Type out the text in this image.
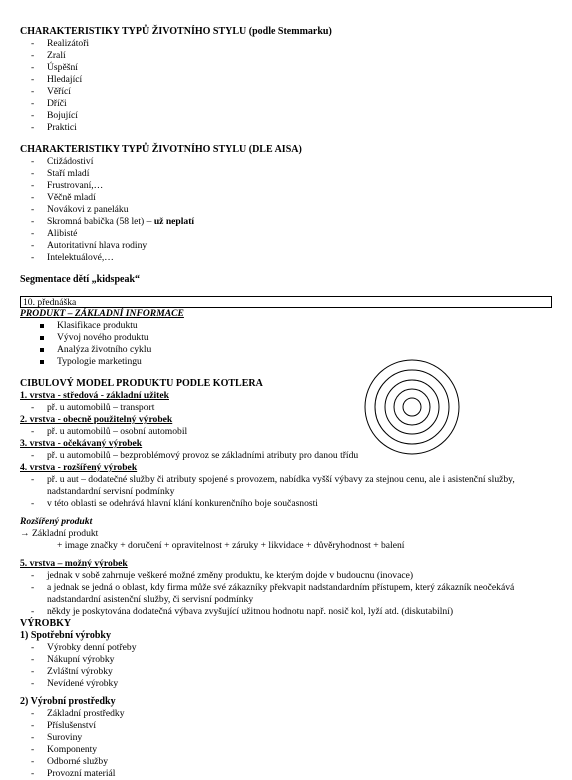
CHARAKTERISTIKY TYPŮ ŽIVOTNÍHO STYLU (podle Stemmarku)

- Realizátoři
- Zralí
- Úspěšní
- Hledající
- Věřící
- Dříči
- Bojující
- Praktici

CHARAKTERISTIKY TYPŮ ŽIVOTNÍHO STYLU (DLE AISA)

- Ctižádostiví
- Staří mladí
- Frustrovaní,…
- Věčně mladí
- Novákovi z paneláku
- Skromná babička (58 let) – už neplatí
- Alibisté
- Autoritativní hlava rodiny
- Intelektuálové,…

Segmentace dětí „kidspeak“

10. přednáška
PRODUKT – ZÁKLADNÍ INFORMACE
Klasifikace produktu
Vývoj nového produktu
Analýza životního cyklu
Typologie marketingu

CIBULOVÝ MODEL PRODUKTU PODLE KOTLERA

1. vrstva - středová - základní užitek
- př. u automobilů – transport
2. vrstva - obecně použitelný výrobek
- př. u automobilů – osobní automobil
3. vrstva - očekávaný výrobek
- př. u automobilů – bezproblémový provoz se základními atributy pro danou třídu
4. vrstva - rozšířený výrobek
- př. u aut – dodatečné služby či atributy spojené s provozem, nabídka vyšší výbavy za stejnou cenu, ale i asistenční služby, nadstandardní servisní podmínky
- v této oblasti se odehrává hlavní klání konkurenčního boje současnosti
Rozšířený produkt
→ Základní produkt
+ image značky + doručení + opravitelnost + záruky + likvidace + důvěryhodnost + balení
5. vrstva – možný výrobek
- jednak v sobě zahrnuje veškeré možné změny produktu, ke kterým dojde v budoucnu (inovace)
- a jednak se jedná o oblast, kdy firma může své zákazníky překvapit nadstandardním přístupem, který zákazník neočekává nadstandardní asistenční služby, či servisní podmínky
- někdy je poskytována dodatečná výbava zvyšující užitnou hodnotu např. nosič kol, lyží atd. (diskutabilní)

VÝROBKY

1) Spotřební výrobky

- Výrobky denní potřeby
- Nákupní výrobky
- Zvláštní výrobky
- Nevídené výrobky

2) Výrobní prostředky

- Základní prostředky
- Příslušenství
- Suroviny
- Komponenty
- Odborné služby
- Provozní materiál
